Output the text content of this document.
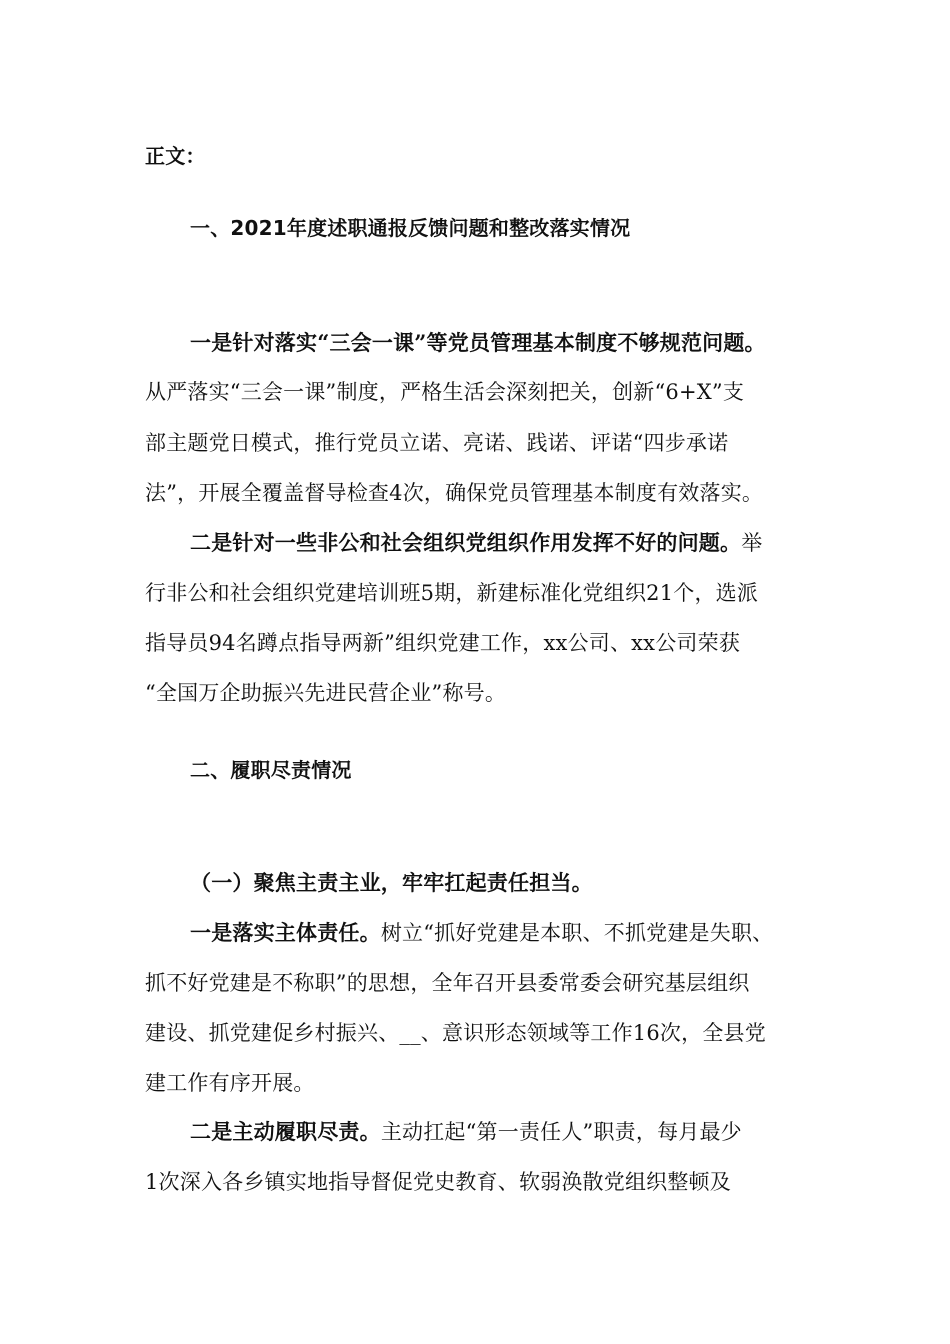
正文：
一、2021年度述职通报反馈问题和整改落实情况
一是针对落实“三会一课”等党员管理基本制度不够规范问题。
从严落实“三会一课”制度，严格生活会深刻把关，创新“6+X”支
部主题党日模式，推行党员立诺、亮诺、践诺、评诺“四步承诺
法”，开展全覆盖督导检查4次，确保党员管理基本制度有效落实。
二是针对一些非公和社会组织党组织作用发挥不好的问题。举
行非公和社会组织党建培训班5期，新建标准化党组织21个，选派
指导员94名蹲点指导两新”组织党建工作，xx公司、xx公司荣获
“全国万企助振兴先进民营企业”称号。
二、履职尽责情况
（一）聚焦主责主业，牢牢扛起责任担当。
一是落实主体责任。树立“抓好党建是本职、不抓党建是失职、
抓不好党建是不称职”的思想，全年召开县委常委会研究基层组织
建设、抓党建促乡村振兴、__、意识形态领域等工作16次，全县党
建工作有序开展。
二是主动履职尽责。主动扛起“第一责任人”职责，每月最少
1次深入各乡镇实地指导督促党史教育、软弱涣散党组织整顿及
